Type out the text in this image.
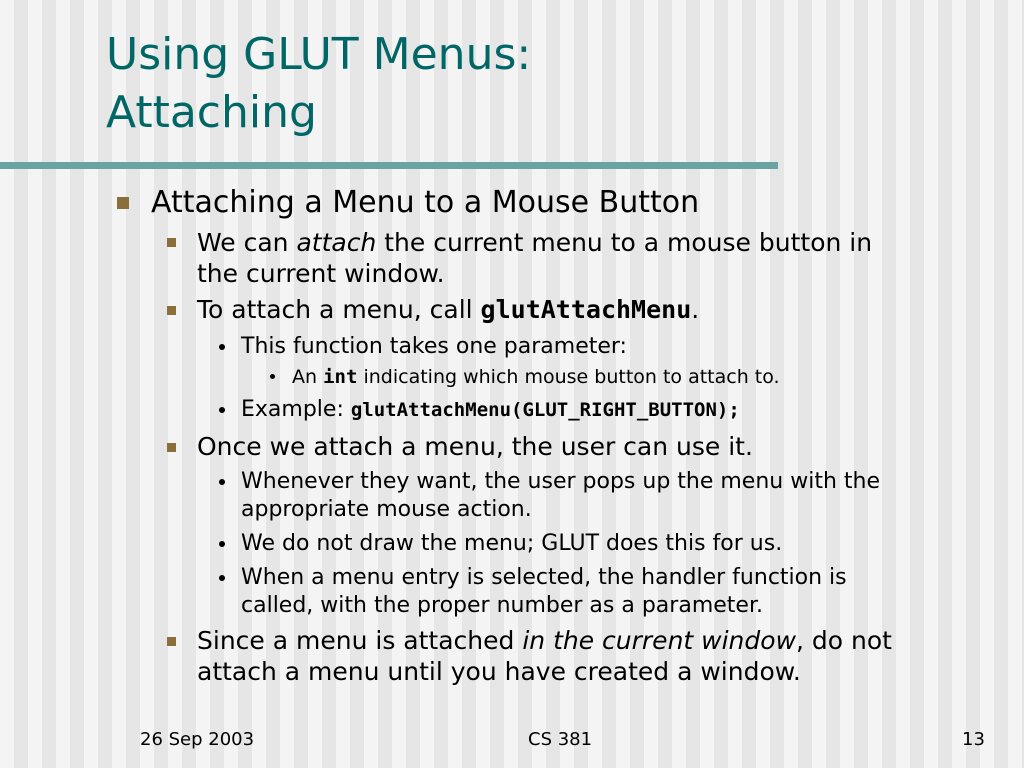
Using GLUT Menus:
Attaching
Attaching a Menu to a Mouse Button
We can attach the current menu to a mouse button in
the current window.
To attach a menu, call glutAttachMenu.
This function takes one parameter:
An int indicating which mouse button to attach to.
Example: glutAttachMenu(GLUT_RIGHT_BUTTON);
Once we attach a menu, the user can use it.
Whenever they want, the user pops up the menu with the
appropriate mouse action.
We do not draw the menu; GLUT does this for us.
When a menu entry is selected, the handler function is
called, with the proper number as a parameter.
Since a menu is attached in the current window, do not
attach a menu until you have created a window.
26 Sep 2003	CS 381	13
